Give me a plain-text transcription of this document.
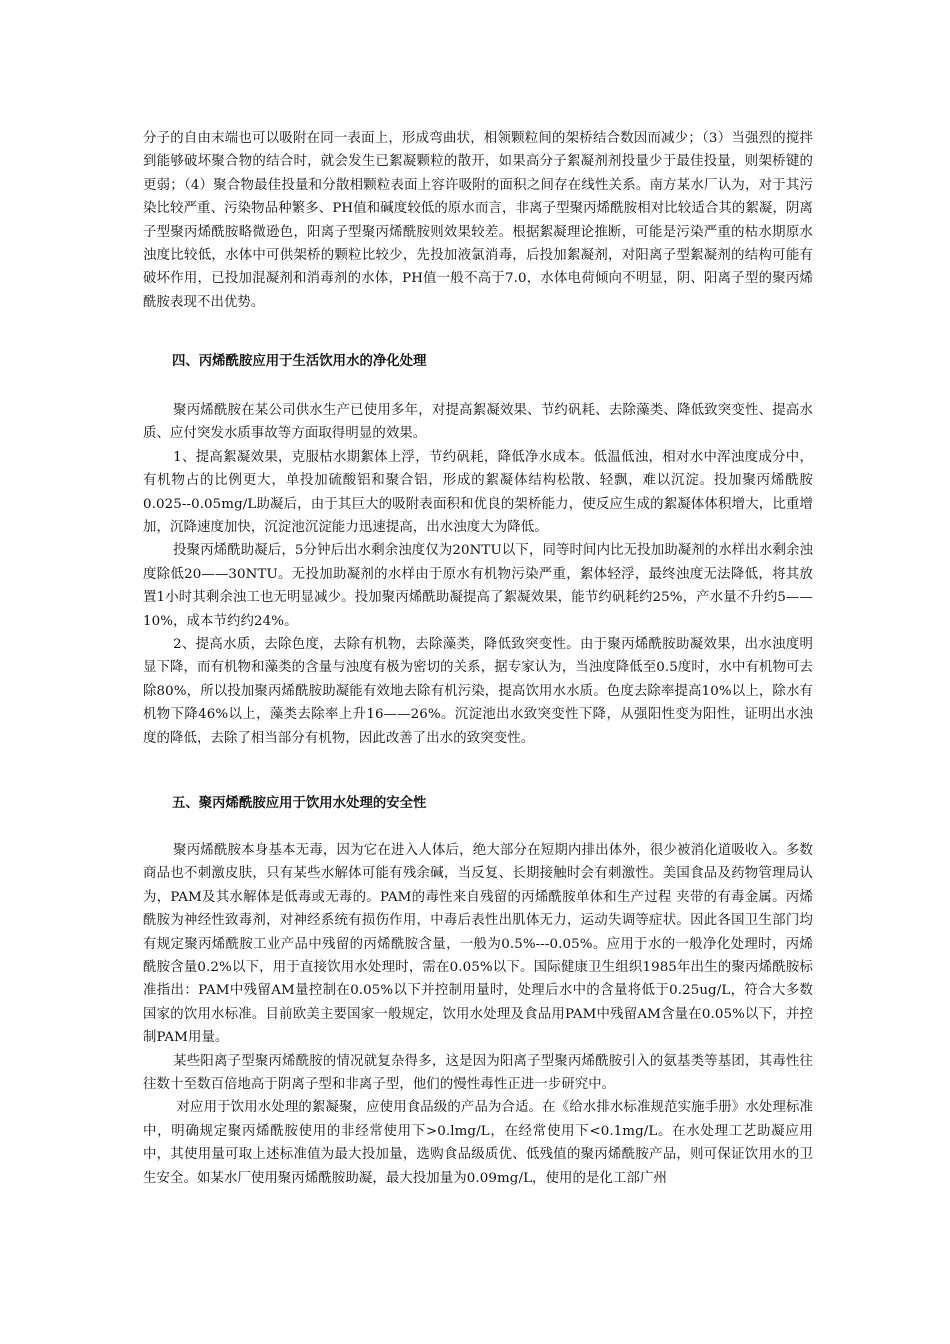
分子的自由末端也可以吸附在同一表面上，形成弯曲状，相领颗粒间的架桥结合数因而减少；（3）当强烈的搅拌到能够破坏聚合物的结合时，就会发生已絮凝颗粒的散开，如果高分子絮凝剂剂投量少于最佳投量，则架桥键的更弱；（4）聚合物最佳投量和分散相颗粒表面上容许吸附的面积之间存在线性关系。南方某水厂认为，对于其污染比较严重、污染物品种繁多、PH值和碱度较低的原水而言，非离子型聚丙烯酰胺相对比较适合其的絮凝，阴离子型聚丙烯酰胺略微逊色，阳离子型聚丙烯酰胺则效果较差。根据絮凝理论推断，可能是污染严重的枯水期原水浊度比较低，水体中可供架桥的颗粒比较少，先投加液氯消毒，后投加絮凝剂，对阳离子型絮凝剂的结构可能有破坏作用，已投加混凝剂和消毒剂的水体，PH值一般不高于7.0，水体电荷倾向不明显，阴、阳离子型的聚丙烯酰胺表现不出优势。

四、丙烯酰胺应用于生活饮用水的净化处理

聚丙烯酰胺在某公司供水生产已使用多年，对提高絮凝效果、节约矾耗、去除藻类、降低致突变性、提高水质、应付突发水质事故等方面取得明显的效果。

1、提高絮凝效果，克服枯水期絮体上浮，节约矾耗，降低净水成本。低温低浊，相对水中浑浊度成分中，有机物占的比例更大，单投加硫酸铝和聚合铝，形成的絮凝体结构松散、轻飘，难以沉淀。投加聚丙烯酰胺0.025--0.05mg/L助凝后，由于其巨大的吸附表面积和优良的架桥能力，使反应生成的絮凝体体积增大，比重增加，沉降速度加快，沉淀池沉淀能力迅速提高，出水浊度大为降低。

投聚丙烯酰助凝后，5分钟后出水剩余浊度仅为20NTU以下，同等时间内比无投加助凝剂的水样出水剩余浊度除低20——30NTU。无投加助凝剂的水样由于原水有机物污染严重，絮体轻浮，最终浊度无法降低，将其放置1小时其剩余浊工也无明显减少。投加聚丙烯酰助凝提高了絮凝效果，能节约矾耗约25%，产水量不升约5——10%，成本节约约24%。

2、提高水质，去除色度，去除有机物，去除藻类，降低致突变性。由于聚丙烯酰胺助凝效果，出水浊度明显下降，而有机物和藻类的含量与浊度有极为密切的关系，据专家认为，当浊度降低至0.5度时，水中有机物可去除80%，所以投加聚丙烯酰胺助凝能有效地去除有机污染，提高饮用水水质。色度去除率提高10%以上，除水有机物下降46%以上，藻类去除率上升16——26%。沉淀池出水致突变性下降，从强阳性变为阳性，证明出水浊度的降低，去除了相当部分有机物，因此改善了出水的致突变性。

五、聚丙烯酰胺应用于饮用水处理的安全性

聚丙烯酰胺本身基本无毒，因为它在进入人体后，绝大部分在短期内排出体外，很少被消化道吸收入。多数商品也不刺激皮肤，只有某些水解体可能有残余碱，当反复、长期接触时会有刺激性。美国食品及药物管理局认为，PAM及其水解体是低毒或无毒的。PAM的毒性来自残留的丙烯酰胺单体和生产过程 夹带的有毒金属。丙烯酰胺为神经性致毒剂，对神经系统有损伤作用，中毒后表性出肌体无力，运动失调等症状。因此各国卫生部门均有规定聚丙烯酰胺工业产品中残留的丙烯酰胺含量，一般为0.5%---0.05%。应用于水的一般净化处理时，丙烯酰胺含量0.2%以下，用于直接饮用水处理时，需在0.05%以下。国际健康卫生组织1985年出生的聚丙烯酰胺标准指出：PAM中残留AM量控制在0.05%以下并控制用量时，处理后水中的含量将低于0.25ug/L，符合大多数国家的饮用水标准。目前欧美主要国家一般规定，饮用水处理及食品用PAM中残留AM含量在0.05%以下，并控制PAM用量。

某些阳离子型聚丙烯酰胺的情况就复杂得多，这是因为阳离子型聚丙烯酰胺引入的氨基类等基团，其毒性往往数十至数百倍地高于阴离子型和非离子型，他们的慢性毒性正进一步研究中。

对应用于饮用水处理的絮凝聚，应使用食品级的产品为合适。在《给水排水标准规范实施手册》水处理标准中，明确规定聚丙烯酰胺使用的非经常使用下>0.lmg/L，在经常使用下<0.1mg/L。在水处理工艺助凝应用中，其使用量可取上述标准值为最大投加量，选购食品级质优、低残值的聚丙烯酰胺产品，则可保证饮用水的卫生安全。如某水厂使用聚丙烯酰胺助凝，最大投加量为0.09mg/L，使用的是化工部广州
